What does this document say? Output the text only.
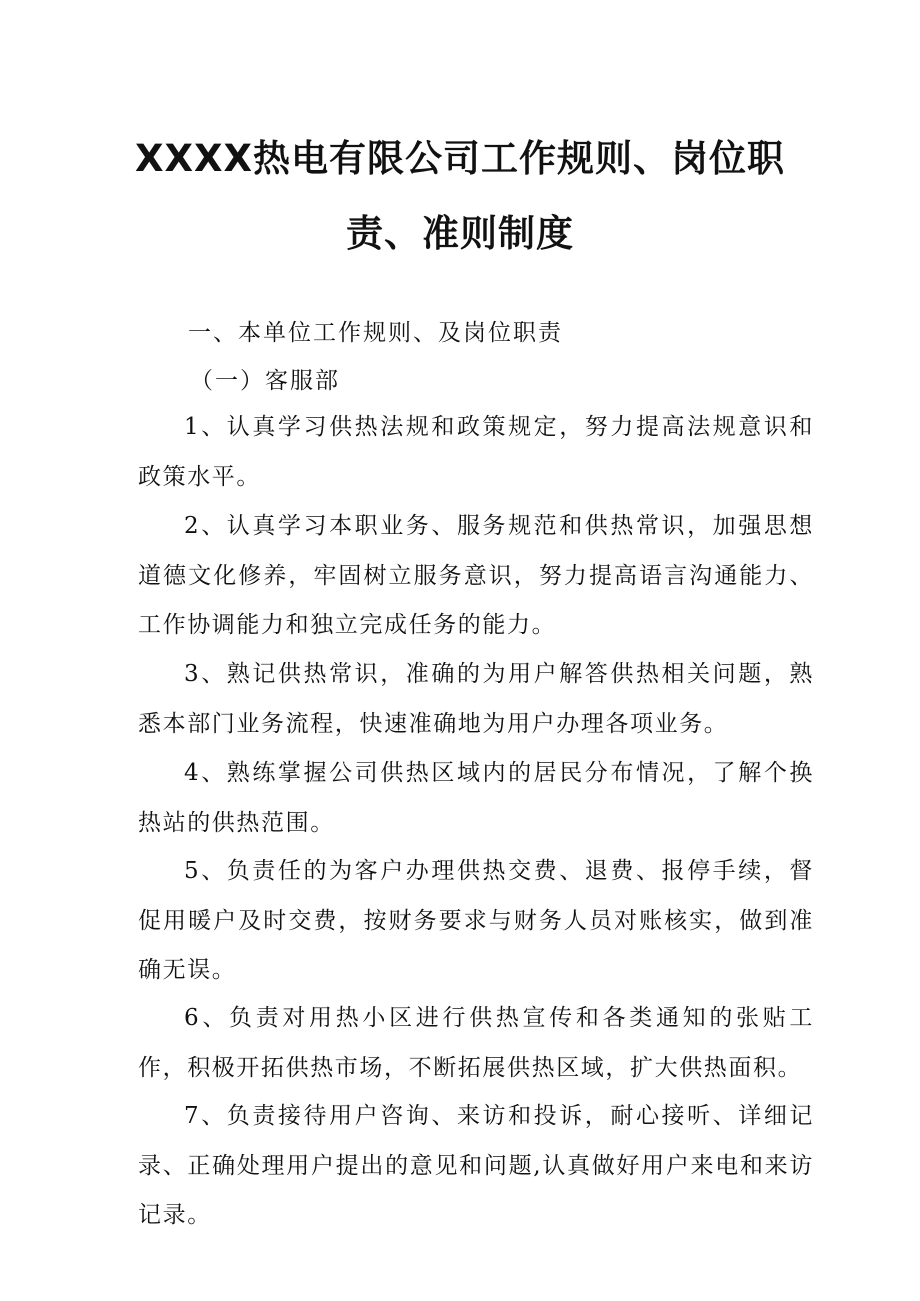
XXXX热电有限公司工作规则、岗位职
责、准则制度
一、本单位工作规则、及岗位职责
（一）客服部

1、认真学习供热法规和政策规定，努力提高法规意识和政策水平。

2、认真学习本职业务、服务规范和供热常识，加强思想道德文化修养，牢固树立服务意识，努力提高语言沟通能力、工作协调能力和独立完成任务的能力。

3、熟记供热常识，准确的为用户解答供热相关问题，熟悉本部门业务流程，快速准确地为用户办理各项业务。

4、熟练掌握公司供热区域内的居民分布情况，了解个换热站的供热范围。

5、负责任的为客户办理供热交费、退费、报停手续，督促用暖户及时交费，按财务要求与财务人员对账核实，做到准确无误。

6、负责对用热小区进行供热宣传和各类通知的张贴工作，积极开拓供热市场，不断拓展供热区域，扩大供热面积。

7、负责接待用户咨询、来访和投诉，耐心接听、详细记录、正确处理用户提出的意见和问题,认真做好用户来电和来访记录。
